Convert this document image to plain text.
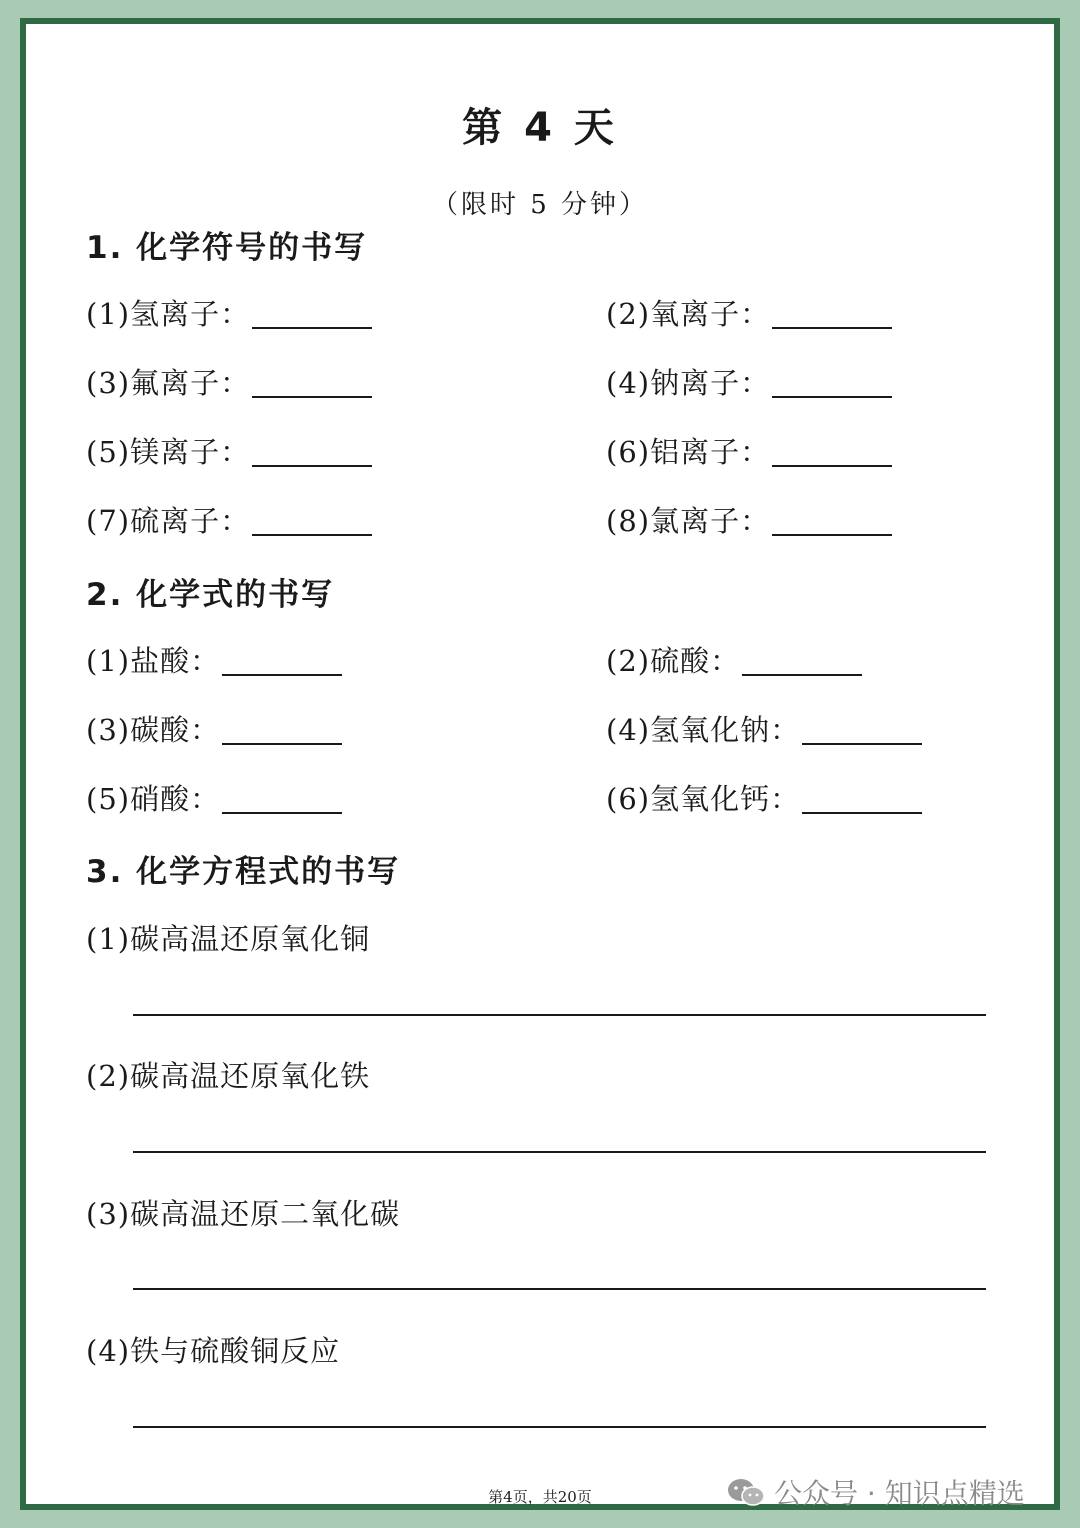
第 4 天
（限时 5 分钟）
1. 化学符号的书写
(1)氢离子：	(2)氧离子：
(3)氟离子：	(4)钠离子：
(5)镁离子：	(6)铝离子：
(7)硫离子：	(8)氯离子：
2. 化学式的书写
(1)盐酸：	(2)硫酸：
(3)碳酸：	(4)氢氧化钠：
(5)硝酸：	(6)氢氧化钙：
3. 化学方程式的书写
(1)碳高温还原氧化铜
(2)碳高温还原氧化铁
(3)碳高温还原二氧化碳
(4)铁与硫酸铜反应
第4页，共20页	公众号 · 知识点精选
